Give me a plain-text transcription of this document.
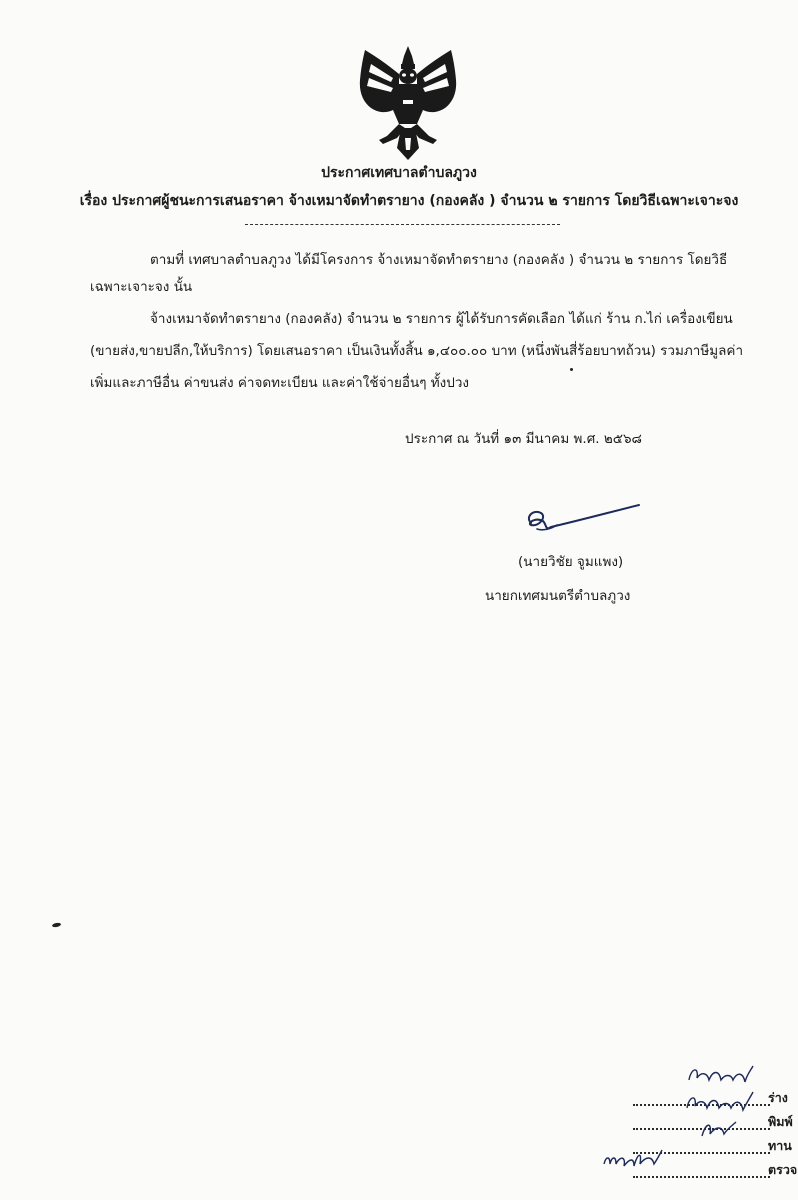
ประกาศเทศบาลตำบลภูวง
เรื่อง ประกาศผู้ชนะการเสนอราคา จ้างเหมาจัดทำตรายาง (กองคลัง ) จำนวน ๒ รายการ โดยวิธีเฉพาะเจาะจง
ตามที่ เทศบาลตำบลภูวง ได้มีโครงการ จ้างเหมาจัดทำตรายาง (กองคลัง ) จำนวน ๒ รายการ โดยวิธี
เฉพาะเจาะจง นั้น
จ้างเหมาจัดทำตรายาง (กองคลัง) จำนวน ๒ รายการ ผู้ได้รับการคัดเลือก ได้แก่ ร้าน ก.ไก่ เครื่องเขียน
(ขายส่ง,ขายปลีก,ให้บริการ) โดยเสนอราคา เป็นเงินทั้งสิ้น ๑,๔๐๐.๐๐ บาท (หนึ่งพันสี่ร้อยบาทถ้วน) รวมภาษีมูลค่า
เพิ่มและภาษีอื่น ค่าขนส่ง ค่าจดทะเบียน และค่าใช้จ่ายอื่นๆ ทั้งปวง
ประกาศ ณ วันที่ ๑๓ มีนาคม พ.ศ. ๒๕๖๘
(นายวิชัย จูมแพง)
นายกเทศมนตรีตำบลภูวง
ร่าง
พิมพ์
ทาน
ตรวจ
